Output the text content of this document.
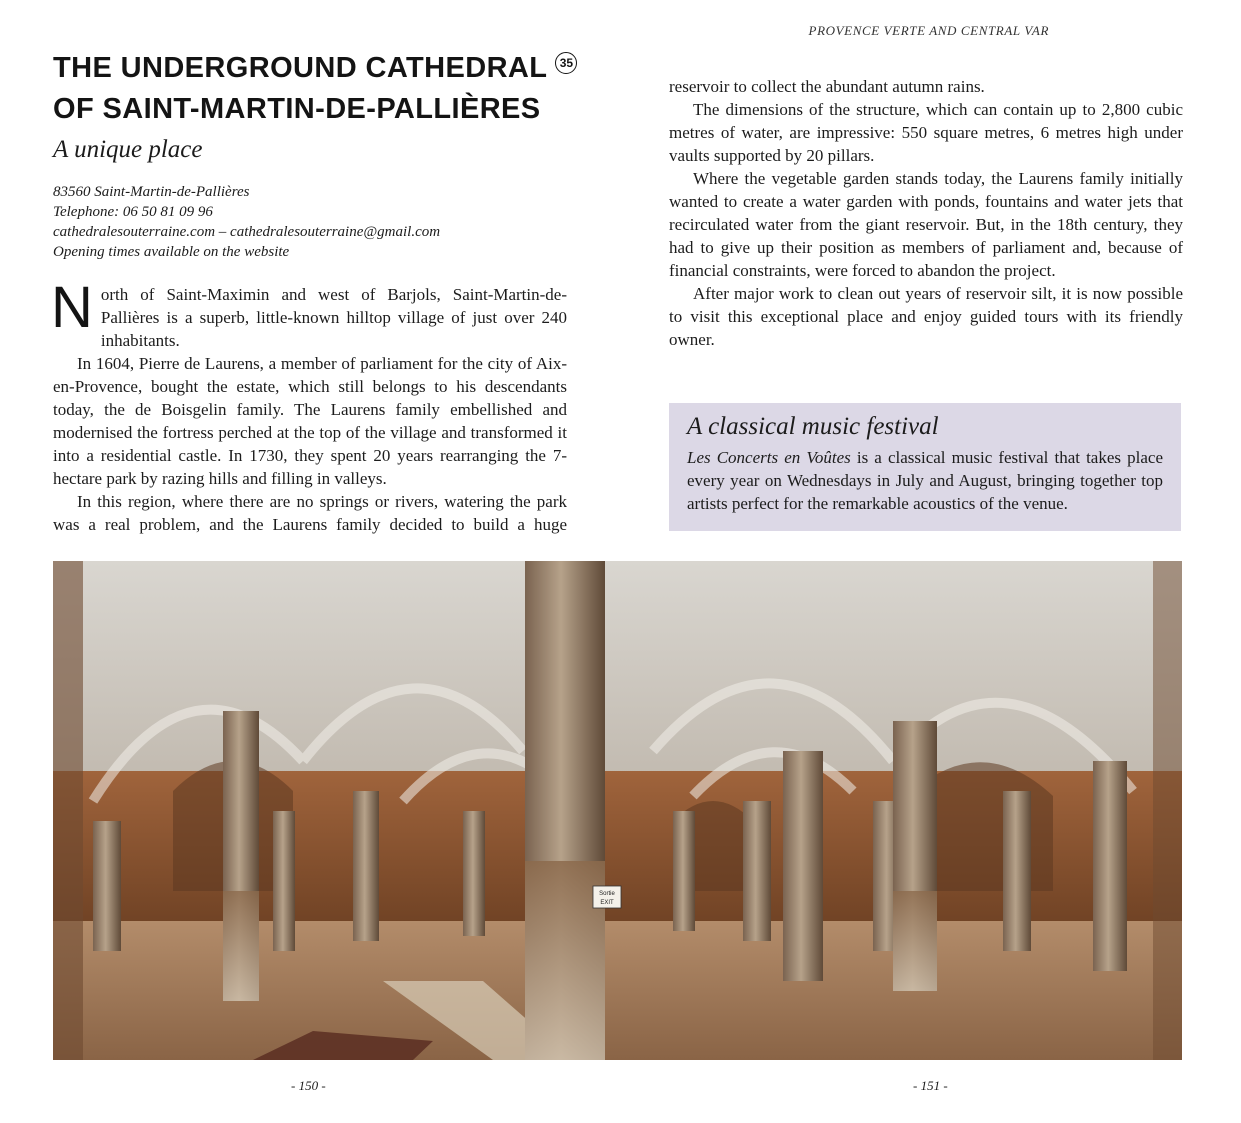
PROVENCE VERTE AND CENTRAL VAR
THE UNDERGROUND CATHEDRAL 35
OF SAINT-MARTIN-DE-PALLIÈRES
A unique place
83560 Saint-Martin-de-Pallières
Telephone: 06 50 81 09 96
cathedralesouterraine.com – cathedralesouterraine@gmail.com
Opening times available on the website

North of Saint-Maximin and west of Barjols, Saint-Martin-de-Pallières is a superb, little-known hilltop village of just over 240 inhabitants.

In 1604, Pierre de Laurens, a member of parliament for the city of Aix-en-Provence, bought the estate, which still belongs to his descendants today, the de Boisgelin family. The Laurens family embellished and modernised the fortress perched at the top of the village and transformed it into a residential castle. In 1730, they spent 20 years rearranging the 7-hectare park by razing hills and filling in valleys.

In this region, where there are no springs or rivers, watering the park was a real problem, and the Laurens family decided to build a huge

reservoir to collect the abundant autumn rains.

The dimensions of the structure, which can contain up to 2,800 cubic metres of water, are impressive: 550 square metres, 6 metres high under vaults supported by 20 pillars.

Where the vegetable garden stands today, the Laurens family initially wanted to create a water garden with ponds, fountains and water jets that recirculated water from the giant reservoir. But, in the 18th century, they had to give up their position as members of parliament and, because of financial constraints, were forced to abandon the project.

After major work to clean out years of reservoir silt, it is now possible to visit this exceptional place and enjoy guided tours with its friendly owner.

A classical music festival

Les Concerts en Voûtes is a classical music festival that takes place every year on Wednesdays in July and August, bringing together top artists perfect for the remarkable acoustics of the venue.

Sortie
EXIT
- 150 -	- 151 -
